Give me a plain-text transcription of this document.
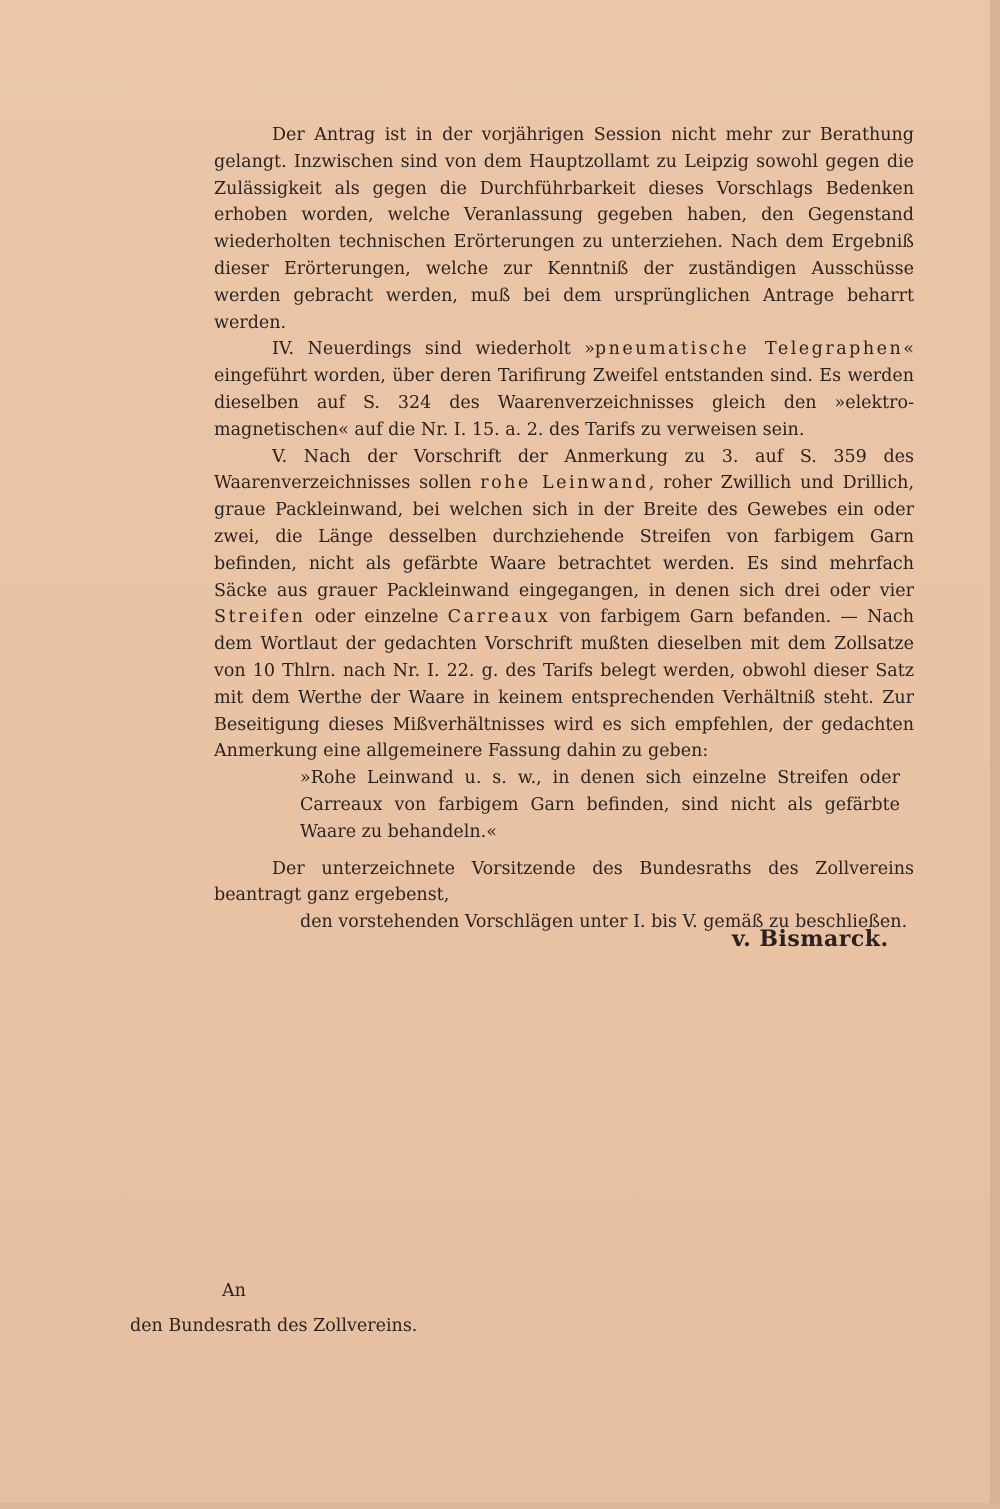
Der Antrag ist in der vorjährigen Session nicht mehr zur Berathung gelangt. Inzwischen sind von dem Hauptzollamt zu Leipzig sowohl gegen die Zulässigkeit als gegen die Durchführbarkeit dieses Vorschlags Bedenken erhoben worden, welche Veranlassung gegeben haben, den Gegenstand wiederholten technischen Erörterungen zu unterziehen. Nach dem Ergebniß dieser Erörterungen, welche zur Kenntniß der zuständigen Ausschüsse werden gebracht werden, muß bei dem ursprünglichen Antrage beharrt werden.

IV. Neuerdings sind wiederholt »pneumatische Telegraphen« eingeführt worden, über deren Tarifirung Zweifel entstanden sind. Es werden dieselben auf S. 324 des Waarenverzeichnisses gleich den »elektro-magnetischen« auf die Nr. I. 15. a. 2. des Tarifs zu verweisen sein.

V. Nach der Vorschrift der Anmerkung zu 3. auf S. 359 des Waarenverzeichnisses sollen rohe Leinwand, roher Zwillich und Drillich, graue Packleinwand, bei welchen sich in der Breite des Gewebes ein oder zwei, die Länge desselben durchziehende Streifen von farbigem Garn befinden, nicht als gefärbte Waare betrachtet werden. Es sind mehrfach Säcke aus grauer Packleinwand eingegangen, in denen sich drei oder vier Streifen oder einzelne Carreaux von farbigem Garn befanden. — Nach dem Wortlaut der gedachten Vorschrift mußten dieselben mit dem Zollsatze von 10 Thlrn. nach Nr. I. 22. g. des Tarifs belegt werden, obwohl dieser Satz mit dem Werthe der Waare in keinem entsprechenden Verhältniß steht. Zur Beseitigung dieses Mißverhältnisses wird es sich empfehlen, der gedachten Anmerkung eine allgemeinere Fassung dahin zu geben:

»Rohe Leinwand u. s. w., in denen sich einzelne Streifen oder Carreaux von farbigem Garn befinden, sind nicht als gefärbte Waare zu behandeln.«

Der unterzeichnete Vorsitzende des Bundesraths des Zollvereins beantragt ganz ergebenst,

den vorstehenden Vorschlägen unter I. bis V. gemäß zu beschließen.

v. Bismarck.
An
den Bundesrath des Zollvereins.
